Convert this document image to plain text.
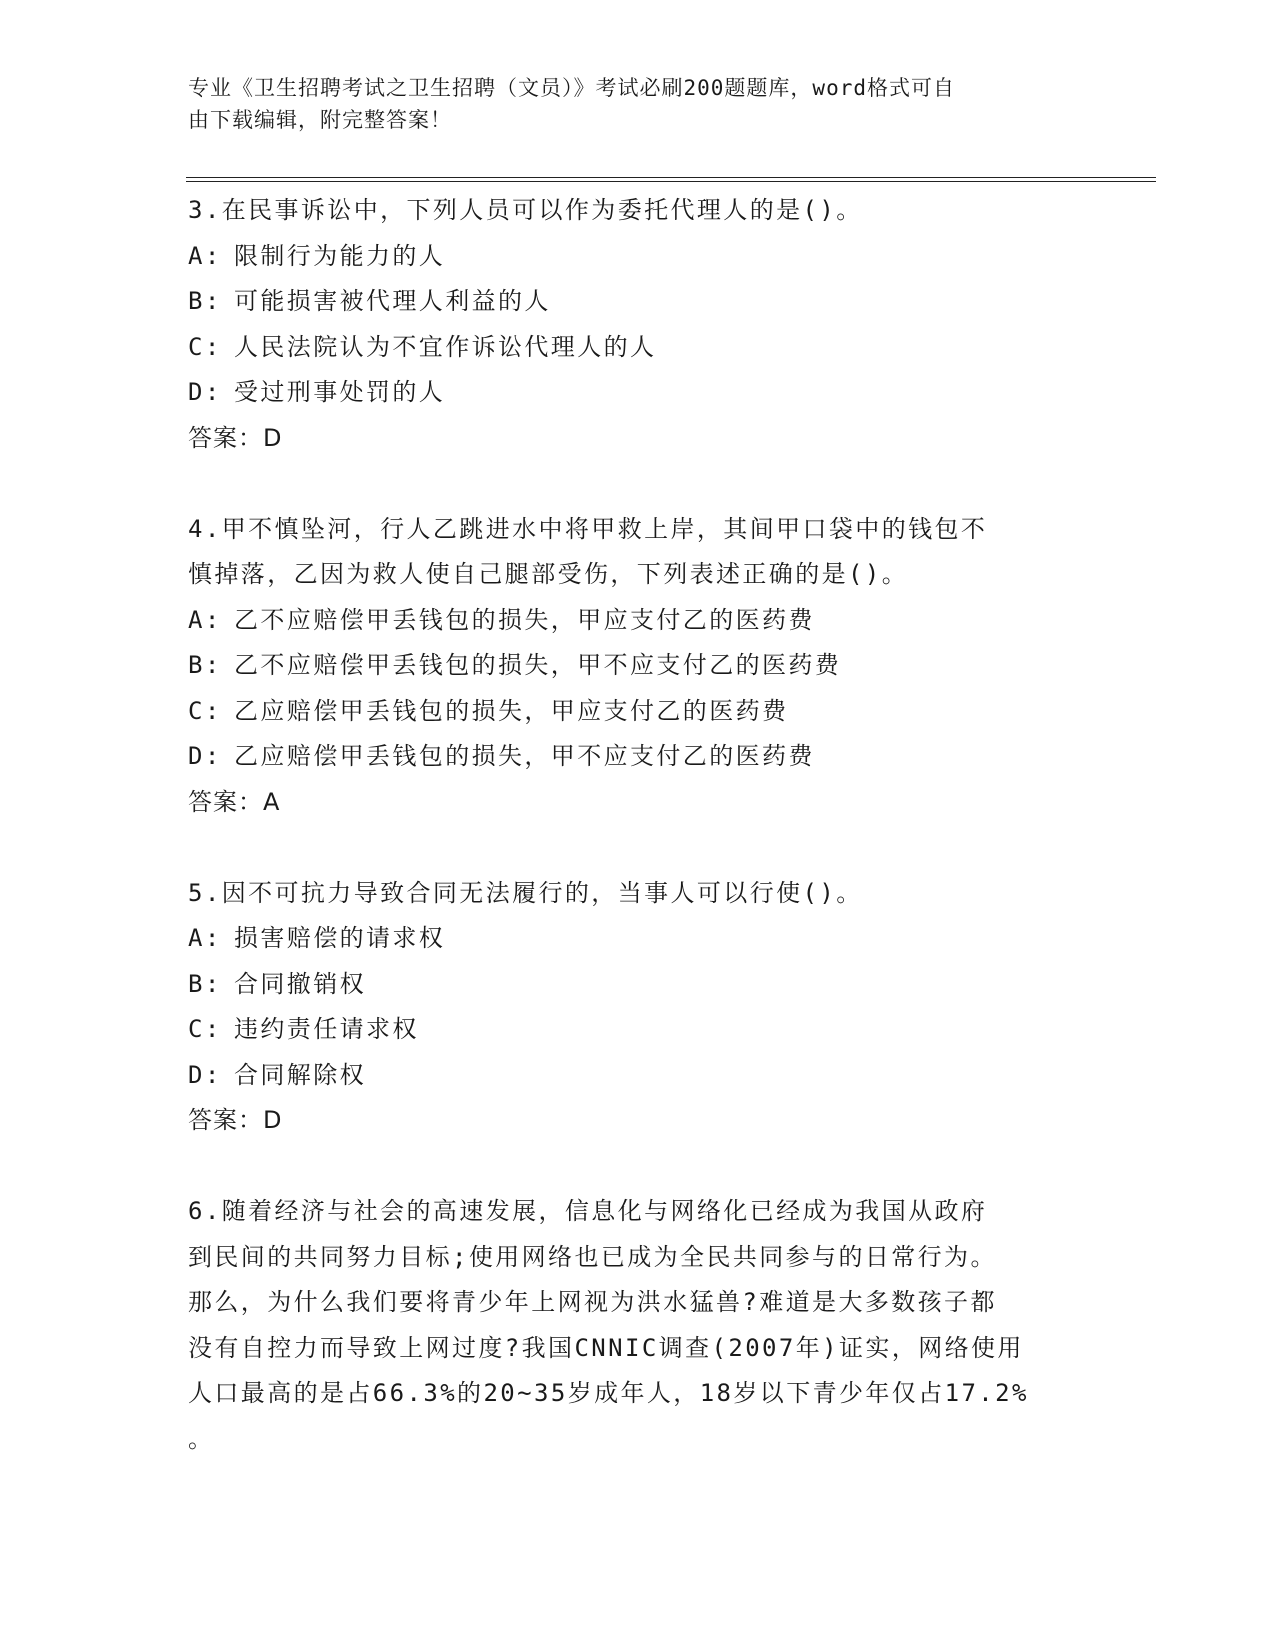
专业《卫生招聘考试之卫生招聘（文员）》考试必刷200题题库，word格式可自
由下载编辑，附完整答案！
3.在民事诉讼中，下列人员可以作为委托代理人的是()。
A: 限制行为能力的人
B: 可能损害被代理人利益的人
C: 人民法院认为不宜作诉讼代理人的人
D: 受过刑事处罚的人
答案：D
4.甲不慎坠河，行人乙跳进水中将甲救上岸，其间甲口袋中的钱包不
慎掉落，乙因为救人使自己腿部受伤，下列表述正确的是()。
A: 乙不应赔偿甲丢钱包的损失，甲应支付乙的医药费
B: 乙不应赔偿甲丢钱包的损失，甲不应支付乙的医药费
C: 乙应赔偿甲丢钱包的损失，甲应支付乙的医药费
D: 乙应赔偿甲丢钱包的损失，甲不应支付乙的医药费
答案：A
5.因不可抗力导致合同无法履行的，当事人可以行使()。
A: 损害赔偿的请求权
B: 合同撤销权
C: 违约责任请求权
D: 合同解除权
答案：D
6.随着经济与社会的高速发展，信息化与网络化已经成为我国从政府
到民间的共同努力目标;使用网络也已成为全民共同参与的日常行为。
那么，为什么我们要将青少年上网视为洪水猛兽?难道是大多数孩子都
没有自控力而导致上网过度?我国CNNIC调查(2007年)证实，网络使用
人口最高的是占66.3%的20~35岁成年人，18岁以下青少年仅占17.2%
。
